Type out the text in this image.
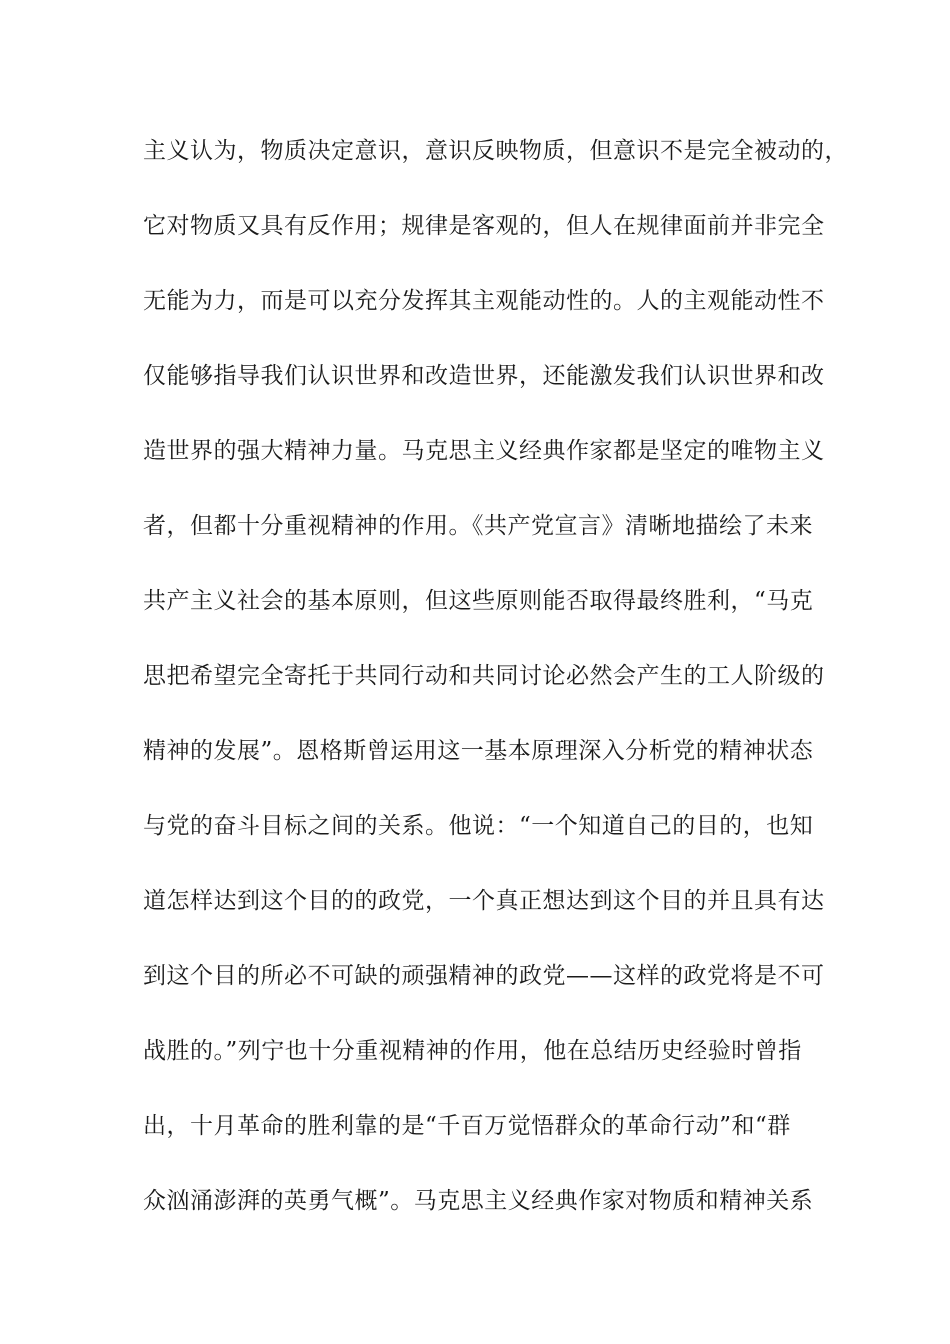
主义认为，物质决定意识，意识反映物质，但意识不是完全被动的，
它对物质又具有反作用；规律是客观的，但人在规律面前并非完全
无能为力，而是可以充分发挥其主观能动性的。人的主观能动性不
仅能够指导我们认识世界和改造世界，还能激发我们认识世界和改
造世界的强大精神力量。马克思主义经典作家都是坚定的唯物主义
者，但都十分重视精神的作用。《共产党宣言》清晰地描绘了未来
共产主义社会的基本原则，但这些原则能否取得最终胜利，“马克
思把希望完全寄托于共同行动和共同讨论必然会产生的工人阶级的
精神的发展”。恩格斯曾运用这一基本原理深入分析党的精神状态
与党的奋斗目标之间的关系。他说：“一个知道自己的目的，也知
道怎样达到这个目的的政党，一个真正想达到这个目的并且具有达
到这个目的所必不可缺的顽强精神的政党——这样的政党将是不可
战胜的。”列宁也十分重视精神的作用，他在总结历史经验时曾指
出，十月革命的胜利靠的是“千百万觉悟群众的革命行动”和“群
众汹涌澎湃的英勇气概”。马克思主义经典作家对物质和精神关系
